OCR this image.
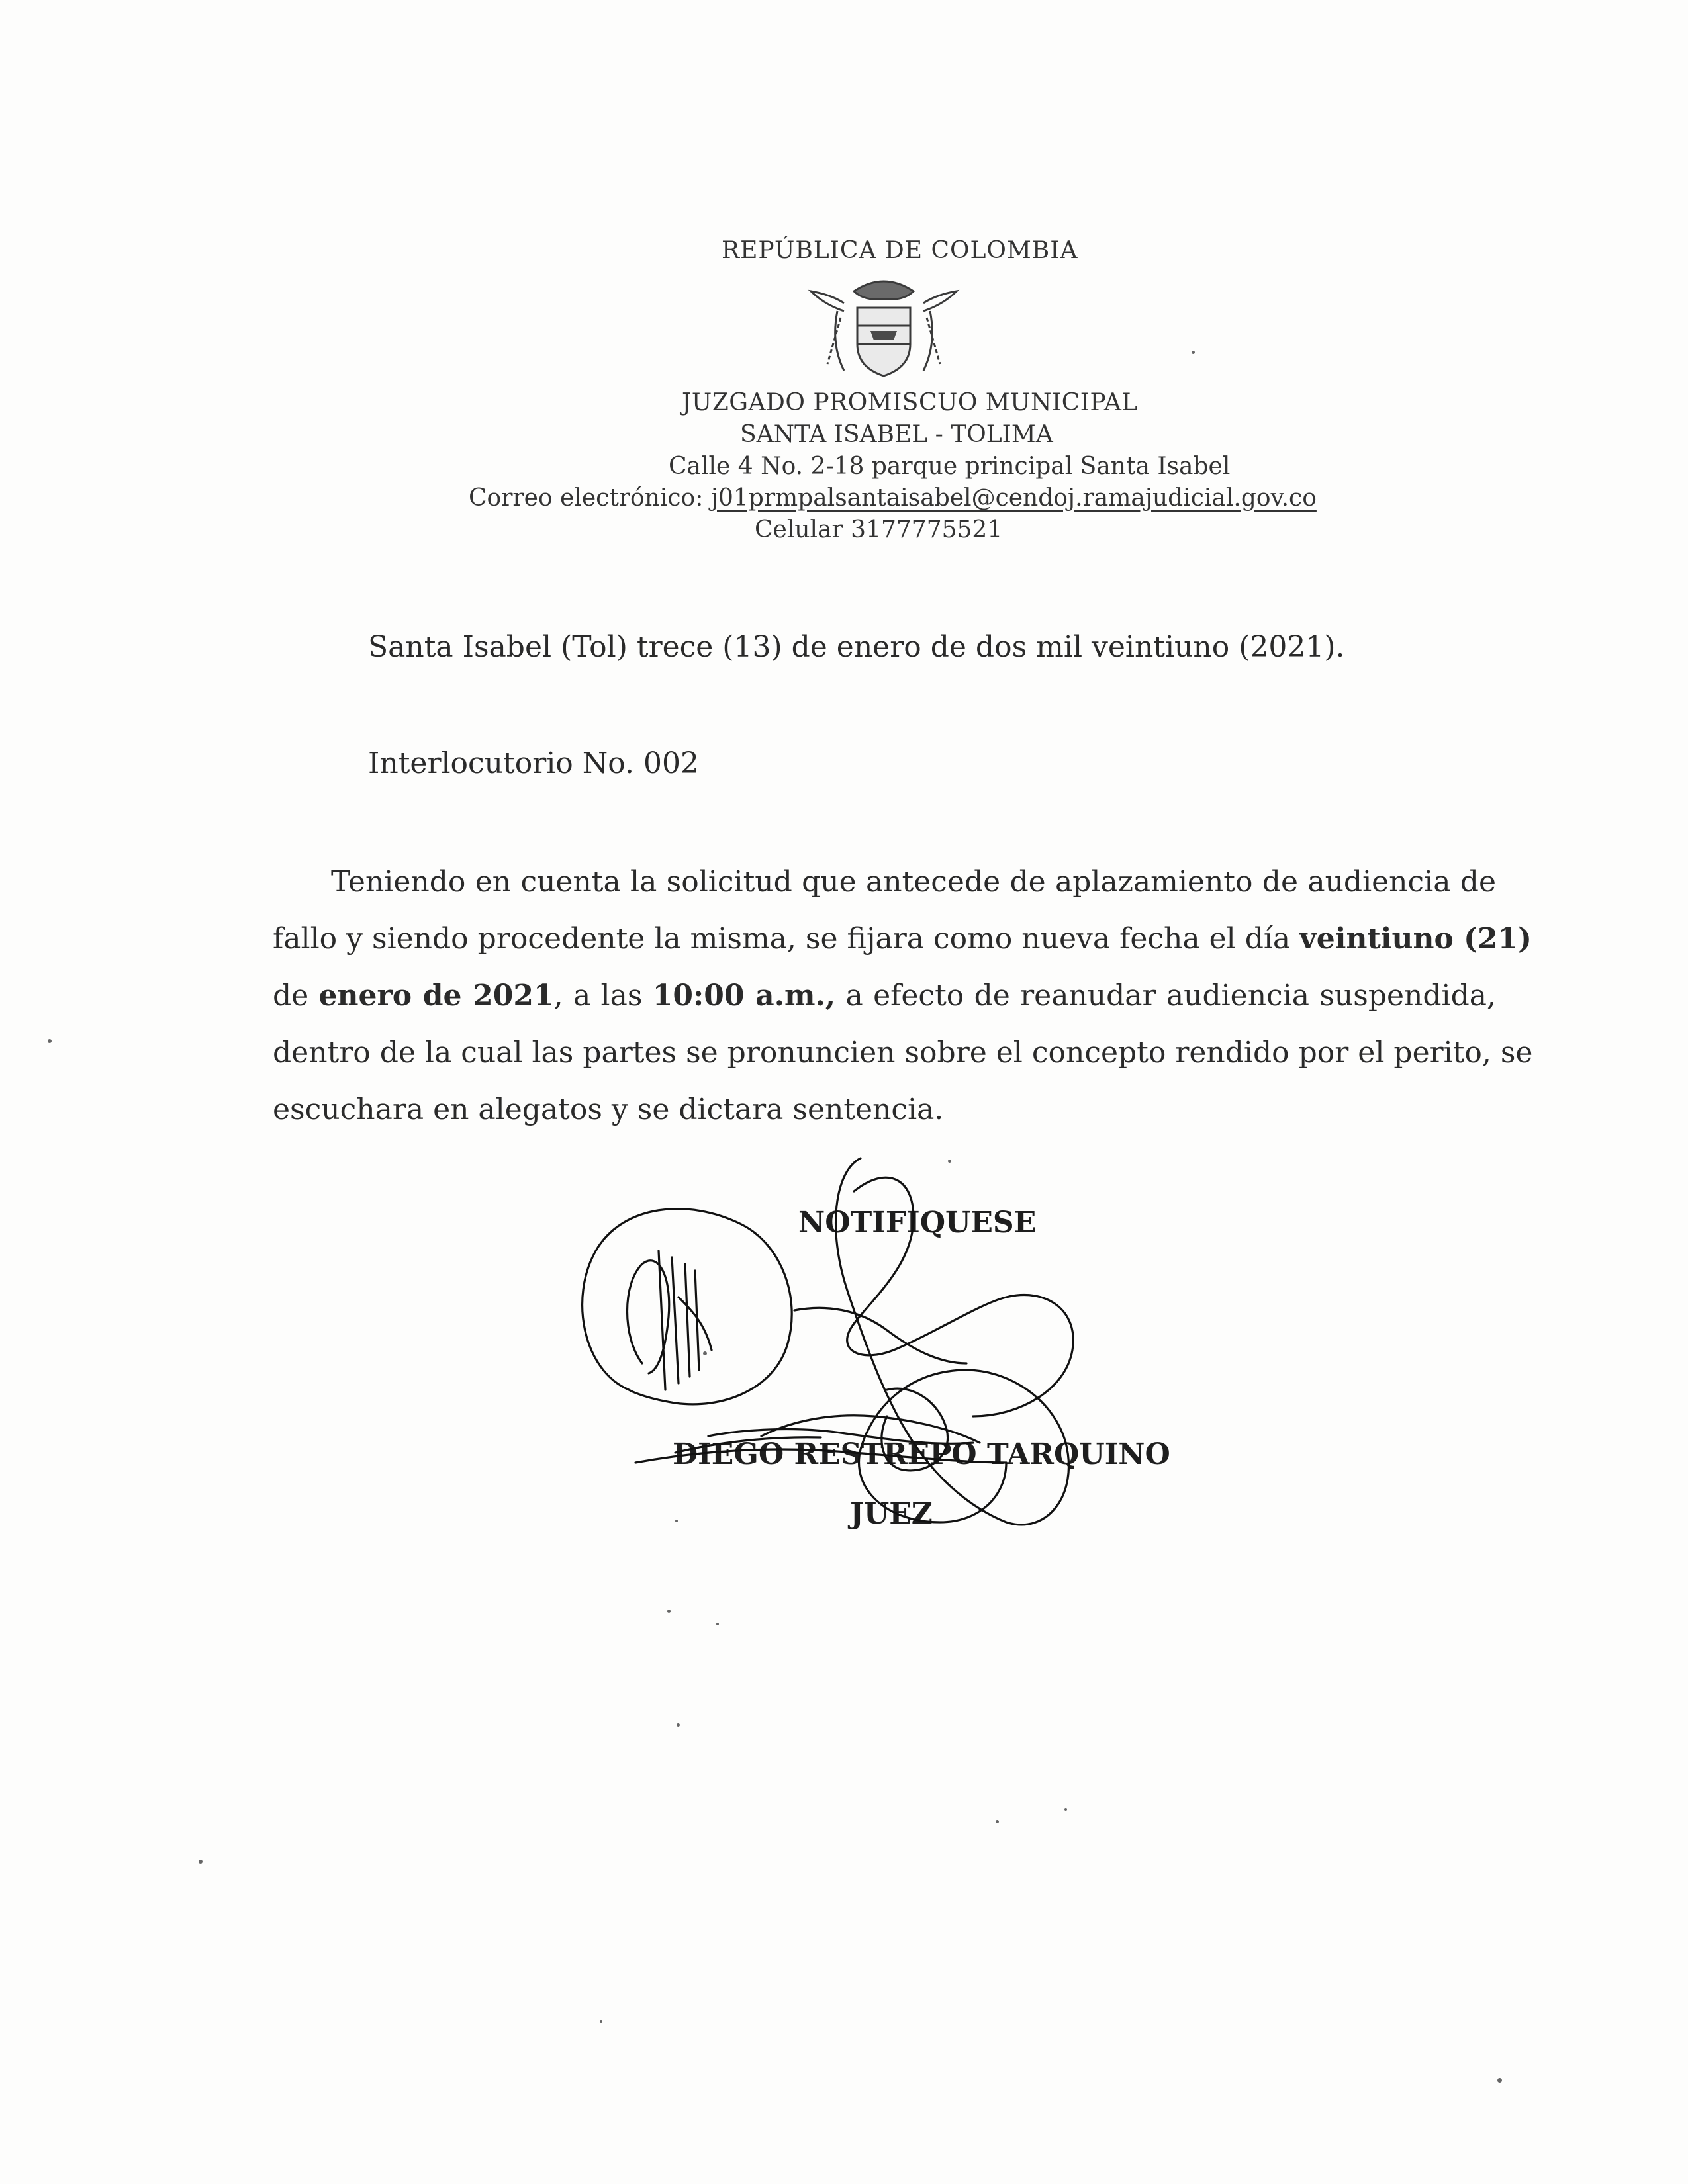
REPÚBLICA DE COLOMBIA
JUZGADO PROMISCUO MUNICIPAL
SANTA ISABEL - TOLIMA
Calle 4 No. 2-18 parque principal Santa Isabel
Correo electrónico: j01prmpalsantaisabel@cendoj.ramajudicial.gov.co
Celular 3177775521
Santa Isabel (Tol) trece (13) de enero de dos mil veintiuno (2021).
Interlocutorio No. 002
Teniendo en cuenta la solicitud que antecede de aplazamiento de audiencia de
fallo y siendo procedente la misma, se fijara como nueva fecha el día veintiuno (21)
de enero de 2021, a las 10:00 a.m., a efecto de reanudar audiencia suspendida,
dentro de la cual las partes se pronuncien sobre el concepto rendido por el perito, se
escuchara en alegatos y se dictara sentencia.
NOTIFIQUESE
DIEGO RESTREPO TARQUINO
JUEZ
